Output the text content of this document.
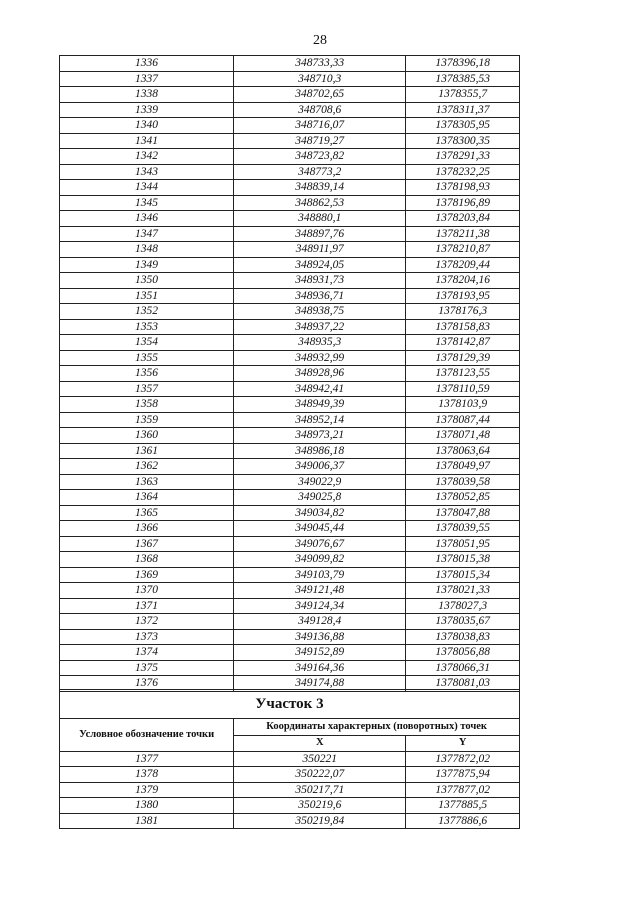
28
1336	348733,33	1378396,18
1337	348710,3	1378385,53
1338	348702,65	1378355,7
1339	348708,6	1378311,37
1340	348716,07	1378305,95
1341	348719,27	1378300,35
1342	348723,82	1378291,33
1343	348773,2	1378232,25
1344	348839,14	1378198,93
1345	348862,53	1378196,89
1346	348880,1	1378203,84
1347	348897,76	1378211,38
1348	348911,97	1378210,87
1349	348924,05	1378209,44
1350	348931,73	1378204,16
1351	348936,71	1378193,95
1352	348938,75	1378176,3
1353	348937,22	1378158,83
1354	348935,3	1378142,87
1355	348932,99	1378129,39
1356	348928,96	1378123,55
1357	348942,41	1378110,59
1358	348949,39	1378103,9
1359	348952,14	1378087,44
1360	348973,21	1378071,48
1361	348986,18	1378063,64
1362	349006,37	1378049,97
1363	349022,9	1378039,58
1364	349025,8	1378052,85
1365	349034,82	1378047,88
1366	349045,44	1378039,55
1367	349076,67	1378051,95
1368	349099,82	1378015,38
1369	349103,79	1378015,34
1370	349121,48	1378021,33
1371	349124,34	1378027,3
1372	349128,4	1378035,67
1373	349136,88	1378038,83
1374	349152,89	1378056,88
1375	349164,36	1378066,31
1376	349174,88	1378081,03
Участок 3		
Условное обозначение точки	Координаты характерных (поворотных) точек	
	X	Y
1377	350221	1377872,02
1378	350222,07	1377875,94
1379	350217,71	1377877,02
1380	350219,6	1377885,5
1381	350219,84	1377886,6
